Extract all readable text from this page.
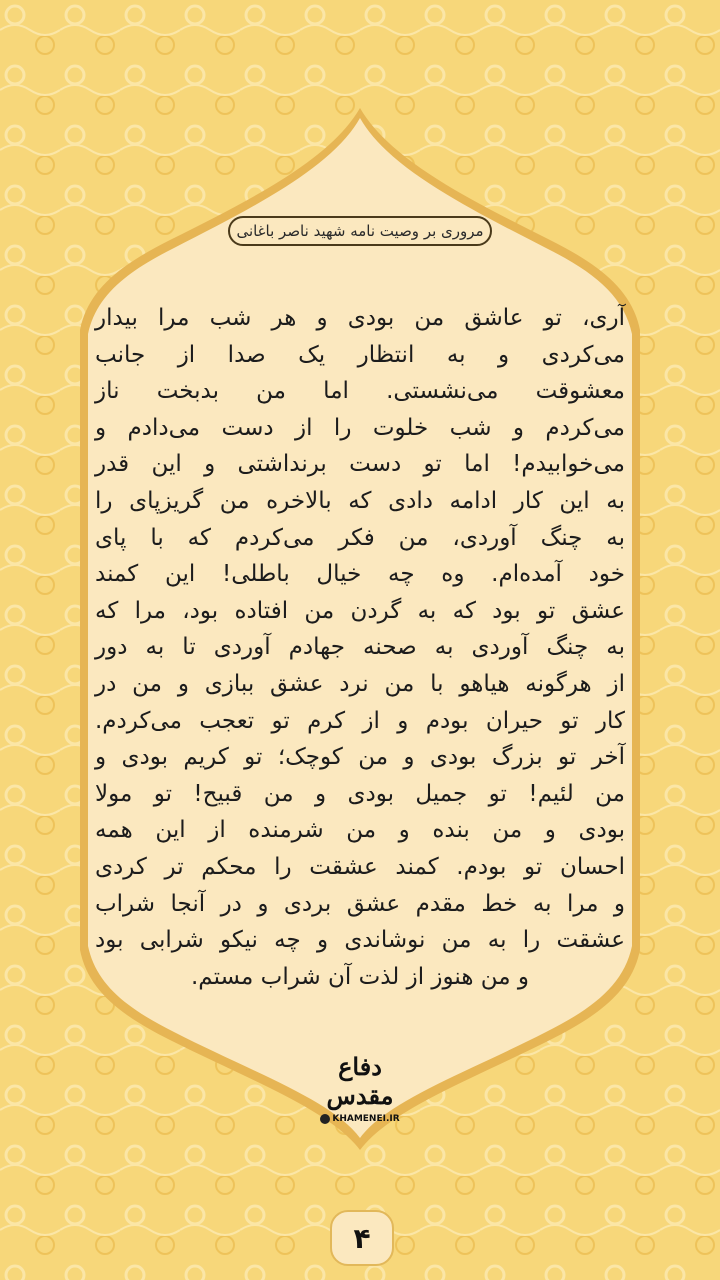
مروری بر وصیت نامه شهید ناصر باغانی
آری، تو عاشق من بودی و هر شب مرا بیدار
می‌کردی و به انتظار یک صدا از جانب
معشوقت می‌نشستی. اما من بدبخت ناز
می‌کردم و شب خلوت را از دست می‌دادم و
می‌خوابیدم! اما تو دست برنداشتی و این قدر
به این کار ادامه دادی که بالاخره من گریزپای را
به چنگ آوردی، من فکر می‌کردم که با پای
خود آمده‌ام. وه چه خیال باطلی! این کمند
عشق تو بود که به گردن من افتاده بود، مرا که
به چنگ آوردی به صحنه جهادم آوردی تا به دور
از هرگونه هیاهو با من نرد عشق ببازی و من در
کار تو حیران بودم و از کرم تو تعجب می‌کردم.
آخر تو بزرگ بودی و من کوچک؛ تو کریم بودی و
من لئیم! تو جمیل بودی و من قبیح! تو مولا
بودی و من بنده و من شرمنده از این همه
احسان تو بودم. کمند عشقت را محکم تر کردی
و مرا به خط مقدم عشق بردی و در آنجا شراب
عشقت را به من نوشاندی و چه نیکو شرابی بود
و من هنوز از لذت آن شراب مستم.
دفاع مقدس
KHAMENEI.IR
۴
